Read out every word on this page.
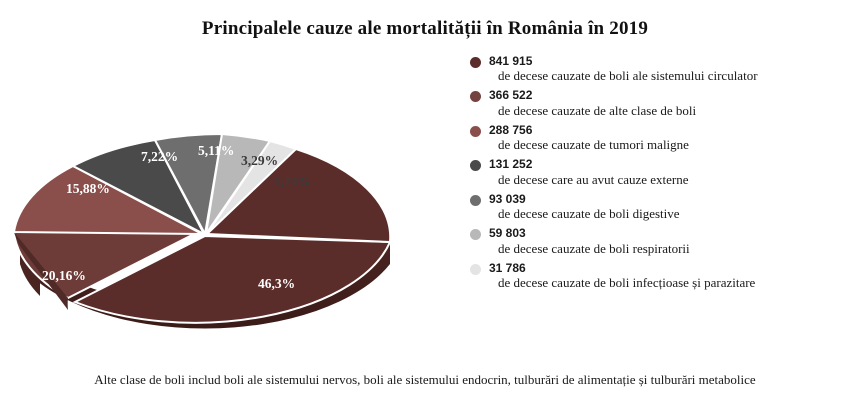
Principalele cauze ale mortalității în România în 2019
46,3%
20,16%
15,88%
7,22% 5,11%
3,29%
1,74%
841 915
de decese cauzate de boli ale sistemului circulator
366 522
de decese cauzate de alte clase de boli
288 756
de decese cauzate de tumori maligne
131 252
de decese care au avut cauze externe
93 039
de decese cauzate de boli digestive
59 803
de decese cauzate de boli respiratorii
31 786
de decese cauzate de boli infecțioase și parazitare
Alte clase de boli includ boli ale sistemului nervos, boli ale sistemului endocrin, tulburări de alimentație și tulburări metabolice
